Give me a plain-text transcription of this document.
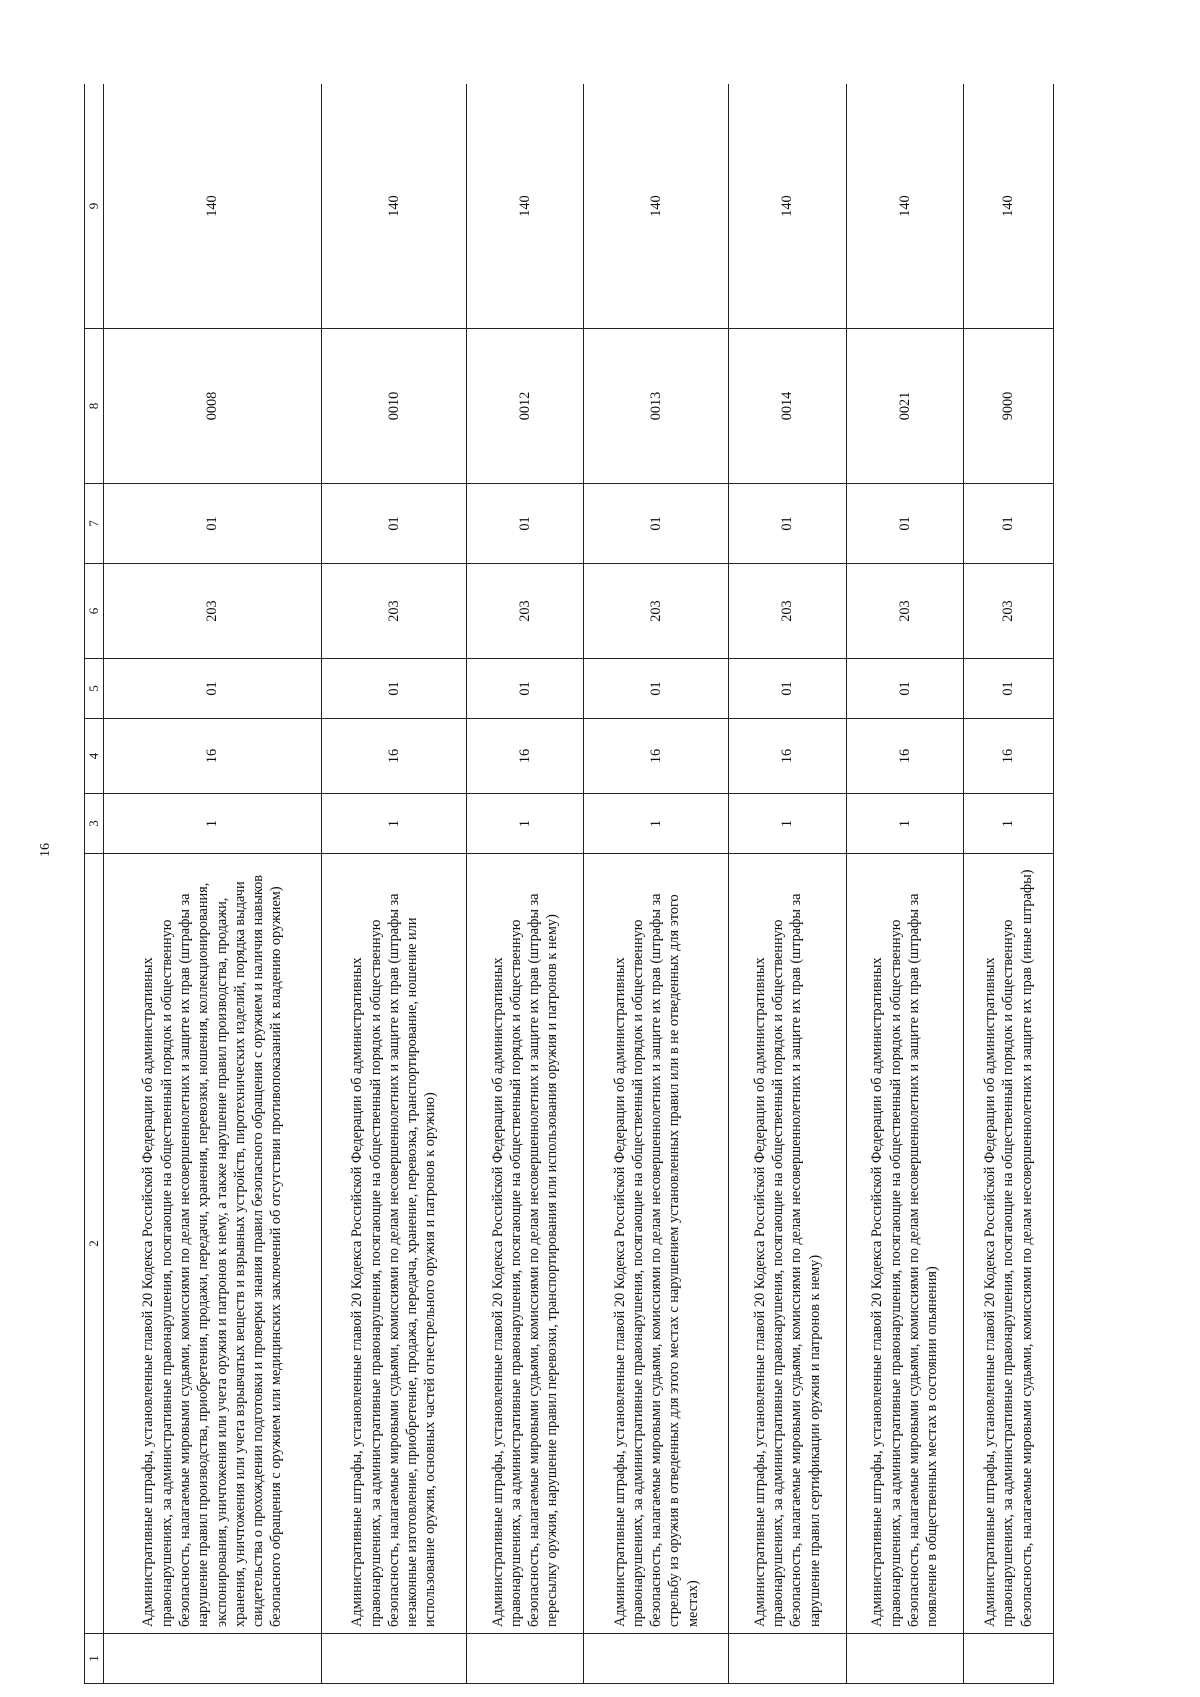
16
1	2	3	4	5	6	7	8	9
	Административные штрафы, установленные главой 20 Кодекса Российской Федерации об административных правонарушениях, за административные правонарушения, посягающие на общественный порядок и общественную безопасность, налагаемые мировыми судьями, комиссиями по делам несовершеннолетних и защите их прав (штрафы за нарушение правил производства, приобретения, продажи, передачи, хранения, перевозки, ношения, коллекционирования, экспонирования, уничтожения или учета оружия и патронов к нему, а также нарушение правил производства, продажи, хранения, уничтожения или учета взрывчатых веществ и взрывных устройств, пиротехнических изделий, порядка выдачи свидетельства о прохождении подготовки и проверки знания правил безопасного обращения с оружием и наличия навыков безопасного обращения с оружием или медицинских заключений об отсутствии противопоказаний к владению оружием)	1	16	01	203	01	0008	140
	Административные штрафы, установленные главой 20 Кодекса Российской Федерации об административных правонарушениях, за административные правонарушения, посягающие на общественный порядок и общественную безопасность, налагаемые мировыми судьями, комиссиями по делам несовершеннолетних и защите их прав (штрафы за незаконные изготовление, приобретение, продажа, передача, хранение, перевозка, транспортирование, ношение или использование оружия, основных частей огнестрельного оружия и патронов к оружию)	1	16	01	203	01	0010	140
	Административные штрафы, установленные главой 20 Кодекса Российской Федерации об административных правонарушениях, за административные правонарушения, посягающие на общественный порядок и общественную безопасность, налагаемые мировыми судьями, комиссиями по делам несовершеннолетних и защите их прав (штрафы за пересылку оружия, нарушение правил перевозки, транспортирования или использования оружия и патронов к нему)	1	16	01	203	01	0012	140
	Административные штрафы, установленные главой 20 Кодекса Российской Федерации об административных правонарушениях, за административные правонарушения, посягающие на общественный порядок и общественную безопасность, налагаемые мировыми судьями, комиссиями по делам несовершеннолетних и защите их прав (штрафы за стрельбу из оружия в отведенных для этого местах с нарушением установленных правил или в не отведенных для этого местах)	1	16	01	203	01	0013	140
	Административные штрафы, установленные главой 20 Кодекса Российской Федерации об административных правонарушениях, за административные правонарушения, посягающие на общественный порядок и общественную безопасность, налагаемые мировыми судьями, комиссиями по делам несовершеннолетних и защите их прав (штрафы за нарушение правил сертификации оружия и патронов к нему)	1	16	01	203	01	0014	140
	Административные штрафы, установленные главой 20 Кодекса Российской Федерации об административных правонарушениях, за административные правонарушения, посягающие на общественный порядок и общественную безопасность, налагаемые мировыми судьями, комиссиями по делам несовершеннолетних и защите их прав (штрафы за появление в общественных местах в состоянии опьянения)	1	16	01	203	01	0021	140
	Административные штрафы, установленные главой 20 Кодекса Российской Федерации об административных правонарушениях, за административные правонарушения, посягающие на общественный порядок и общественную безопасность, налагаемые мировыми судьями, комиссиями по делам несовершеннолетних и защите их прав (иные штрафы)	1	16	01	203	01	9000	140
